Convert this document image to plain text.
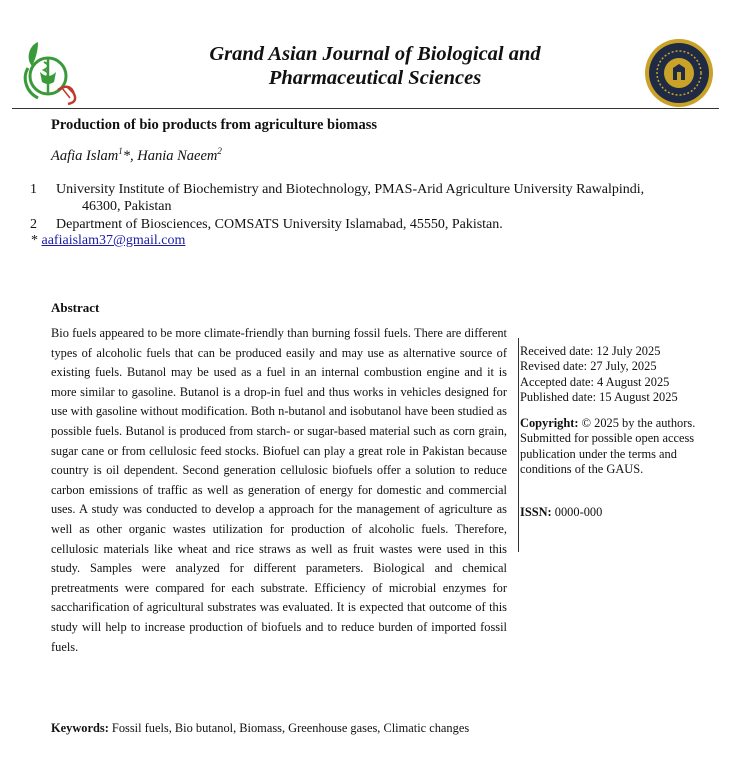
Grand Asian Journal of Biological and
Pharmaceutical Sciences
Production of bio products from agriculture biomass
Aafia Islam$^1$*, Hania Naeem$^2$
1 University Institute of Biochemistry and Biotechnology, PMAS-Arid Agriculture University Rawalpindi,
46300, Pakistan
2 Department of Biosciences, COMSATS University Islamabad, 45550, Pakistan.
* aafiaislam37@gmail.com
Abstract
Bio fuels appeared to be more climate-friendly than burning fossil fuels. There are different types of alcoholic fuels that can be produced easily and may use as alternative source of existing fuels. Butanol may be used as a fuel in an internal combustion engine and it is more similar to gasoline. Butanol is a drop-in fuel and thus works in vehicles designed for use with gasoline without modification. Both n-butanol and isobutanol have been studied as possible fuels. Butanol is produced from starch- or sugar-based material such as corn grain, sugar cane or from cellulosic feed stocks. Biofuel can play a great role in Pakistan because country is oil dependent. Second generation cellulosic biofuels offer a solution to reduce carbon emissions of traffic as well as generation of energy for domestic and commercial uses. A study was conducted to develop a approach for the management of agriculture as well as other organic wastes utilization for production of alcoholic fuels. Therefore, cellulosic materials like wheat and rice straws as well as fruit wastes were used in this study. Samples were analyzed for different parameters. Biological and chemical pretreatments were compared for each substrate. Efficiency of microbial enzymes for saccharification of agricultural substrates was evaluated. It is expected that outcome of this study will help to increase production of biofuels and to reduce burden of imported fossil fuels.
Received date: 12 July 2025
Revised date: 27 July, 2025
Accepted date: 4 August 2025
Published date: 15 August 2025
Copyright: © 2025 by the authors. Submitted for possible open access publication under the terms and conditions of the GAUS.
ISSN: 0000-000
Keywords: Fossil fuels, Bio butanol, Biomass, Greenhouse gases, Climatic changes
